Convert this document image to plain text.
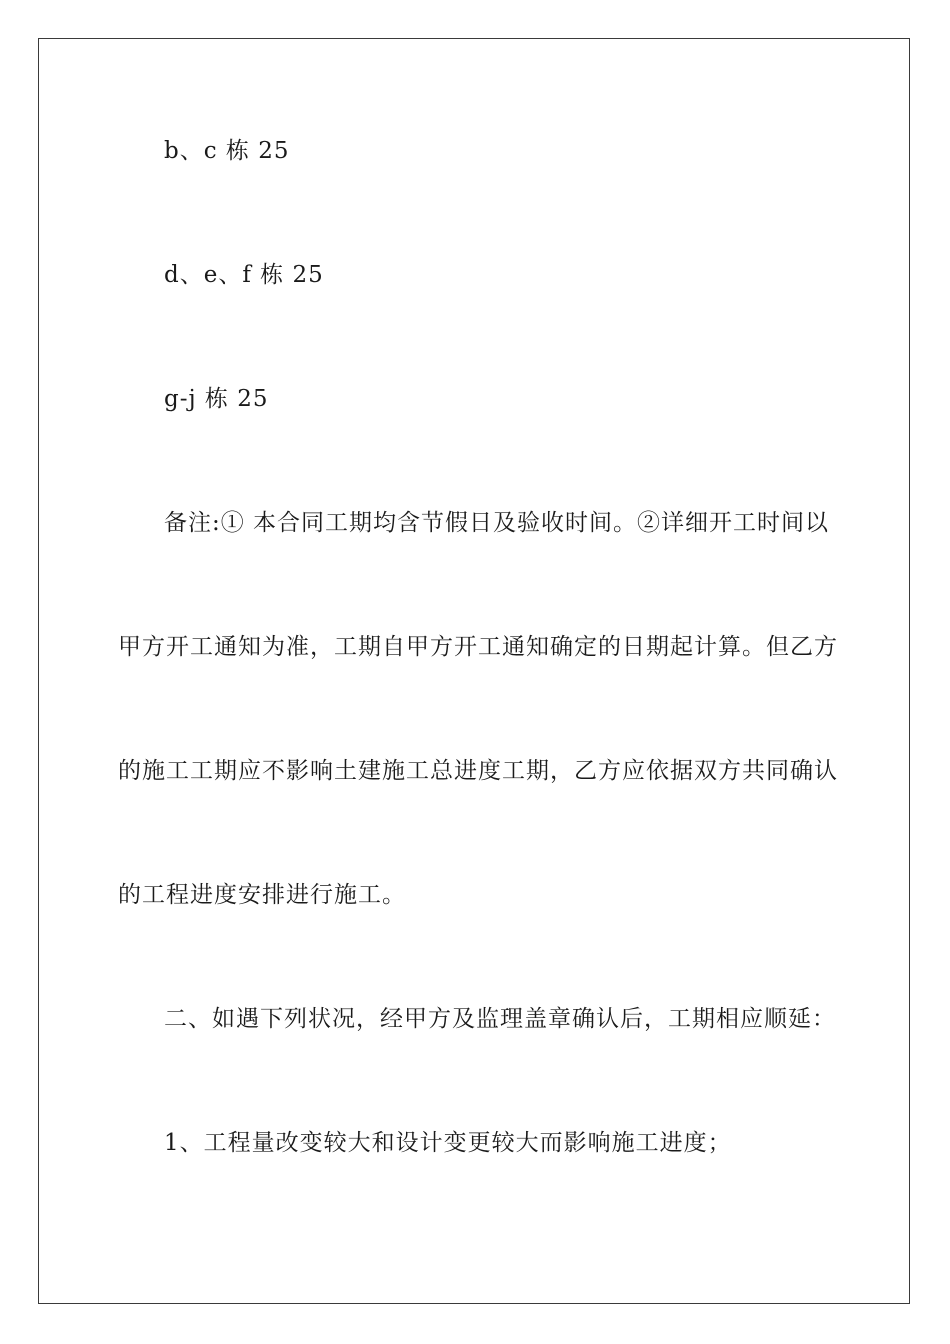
b、c 栋 25
d、e、f 栋 25
g-j 栋 25
备注:① 本合同工期均含节假日及验收时间。②详细开工时间以
甲方开工通知为准，工期自甲方开工通知确定的日期起计算。但乙方
的施工工期应不影响土建施工总进度工期，乙方应依据双方共同确认
的工程进度安排进行施工。
二、如遇下列状况，经甲方及监理盖章确认后，工期相应顺延：
1、工程量改变较大和设计变更较大而影响施工进度；
